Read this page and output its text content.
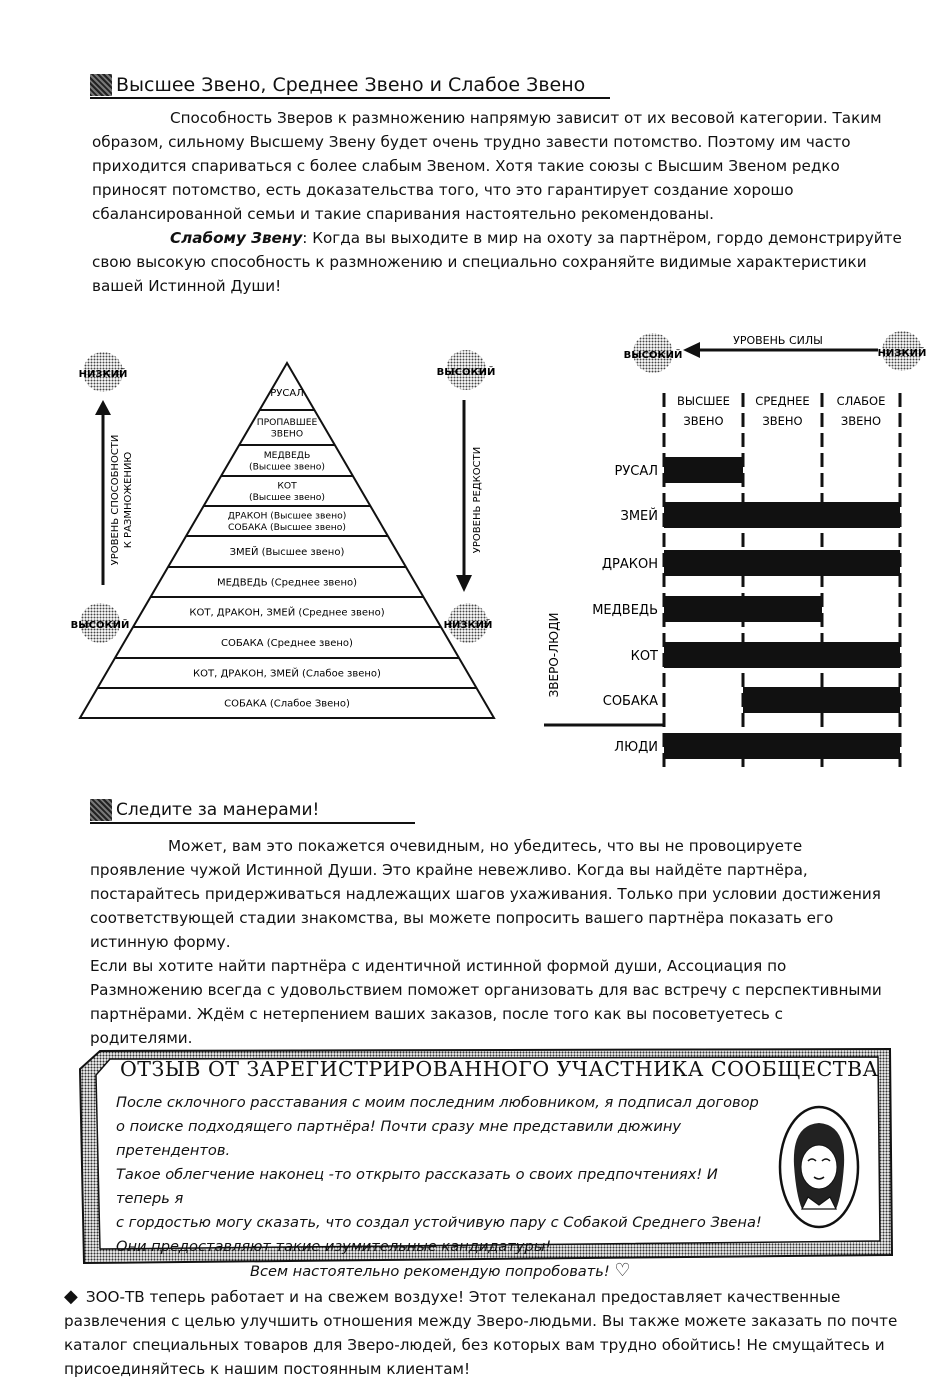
Высшее Звено, Среднее Звено и Слабое Звено

Способность Зверов к размножению напрямую зависит от их весовой категории. Таким образом, сильному Высшему Звену будет очень трудно завести потомство. Поэтому им часто приходится спариваться с более слабым Звеном. Хотя такие союзы с Высшим Звеном редко приносят потомство, есть доказательства того, что это гарантирует создание хорошо сбалансированной семьи и такие спаривания настоятельно рекомендованы.

Слабому Звену: Когда вы выходите в мир на охоту за партнёром, гордо демонстрируйте свою высокую способность к размножению и специально сохраняйте видимые характеристики вашей Истинной Души!

РУСАЛ
ПРОПАВШЕЕ
ЗВЕНО
МЕДВЕДЬ
(Высшее звено)
КОТ
(Высшее звено)
ДРАКОН (Высшее звено)
СОБАКА (Высшее звено)
ЗМЕЙ (Высшее звено)
МЕДВЕДЬ (Среднее звено)
КОТ, ДРАКОН, ЗМЕЙ (Среднее звено)
СОБАКА (Среднее звено)
КОТ, ДРАКОН, ЗМЕЙ (Слабое звено)
СОБАКА (Слабое Звено)
НИЗКИЙ
УРОВЕНЬ СПОСОБНОСТИ К РАЗМНОЖЕНИЮ
ВЫСОКИЙ
ВЫСОКИЙ
УРОВЕНЬ РЕДКОСТИ
НИЗКИЙ
ВЫСОКИЙ	НИЗКИЙ
УРОВЕНЬ СИЛЫ
ВЫСШЕЕ
ЗВЕНО
СРЕДНЕЕ
ЗВЕНО
СЛАБОЕ
ЗВЕНО
РУСАЛ
ЗМЕЙ
ДРАКОН
МЕДВЕДЬ
КОТ
СОБАКА
ЛЮДИ
ЗВЕРО-ЛЮДИ
Следите за манерами!

Может, вам это покажется очевидным, но убедитесь, что вы не провоцируете проявление чужой Истинной Души. Это крайне невежливо. Когда вы найдёте партнёра, постарайтесь придерживаться надлежащих шагов ухаживания. Только при условии достижения соответствующей стадии знакомства, вы можете попросить вашего партнёра показать его истинную форму.

Если вы хотите найти партнёра с идентичной истинной формой души, Ассоциация по Размножению всегда с удовольствием поможет организовать для вас встречу с перспективными партнёрами. Ждём с нетерпением ваших заказов, после того как вы посоветуетесь с родителями.

ОТЗЫВ ОТ ЗАРЕГИСТРИРОВАННОГО УЧАСТНИКА СООБЩЕСТВА

После склочного расставания с моим последним любовником, я подписал договор

о поиске подходящего партнёра! Почти сразу мне представили дюжину претендентов.

Такое облегчение наконец -то открыто рассказать о своих предпочтениях! И теперь я

с гордостью могу сказать, что создал устойчивую пару с Собакой Среднего Звена!

Они предоставляют такие изумительные кандидатуры!

Всем настоятельно рекомендую попробовать! ♡

◆ ЗОО-ТВ теперь работает и на свежем воздухе! Этот телеканал предоставляет качественные развлечения с целью улучшить отношения между Зверо-людьми. Вы также можете заказать по почте каталог специальных товаров для Зверо-людей, без которых вам трудно обойтись! Не смущайтесь и присоединяйтесь к нашим постоянным клиентам!
